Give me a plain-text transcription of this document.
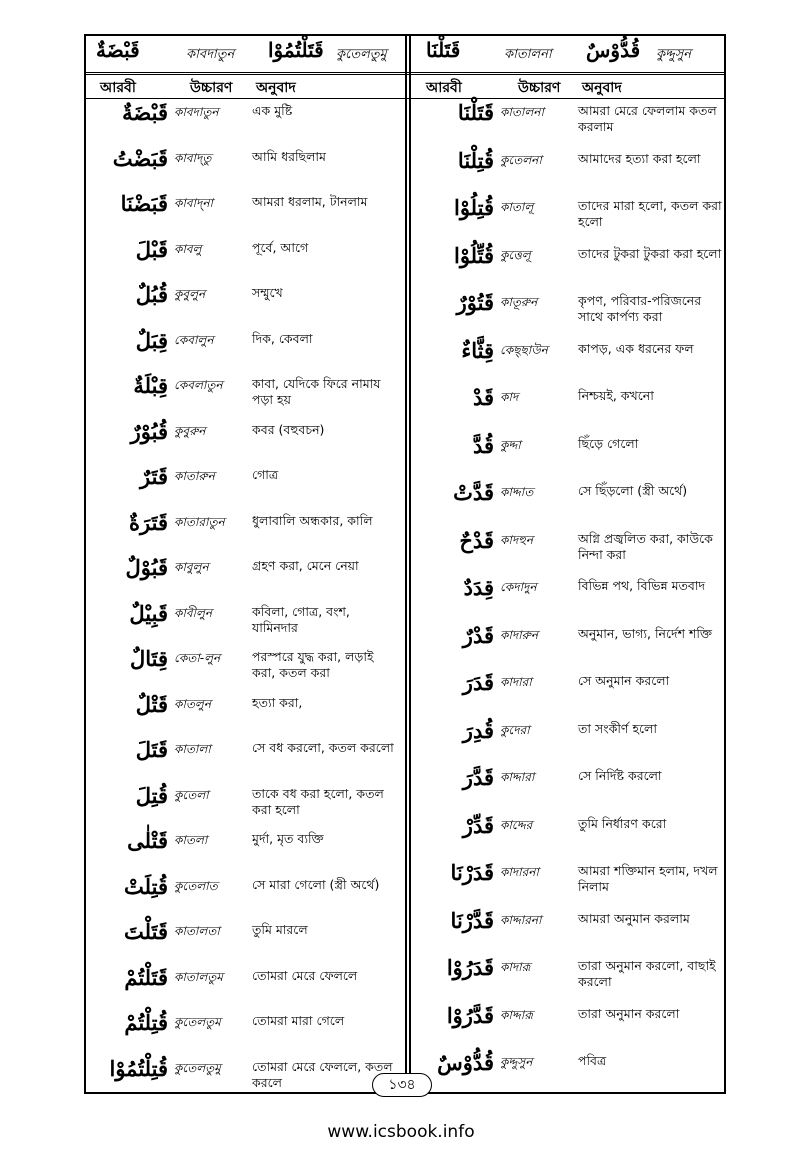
قَبْضَةٌ	কাবদাতুন قَتَلْتُمُوْا কুতেলতুমু قَتَلْنَا	কাতালনা قُدُّوْسٌ কুদ্দুসুন
আরবী	উচ্চারণ অনুবাদ	আরবী	উচ্চারণ অনুবাদ
قَبْضَةٌ কাবদাতুন	এক মুষ্টি
قَبَضْتُ কাবাদ্তু	আমি ধরছিলাম
قَبَضْنَا কাবাদ্‌না	আমরা ধরলাম, টানলাম
قَبْلَ কাবলু	পূর্বে, আগে
قُبُلٌ কুবুলুন	সম্মুখে
قِبَلٌ কেবালুন	দিক, কেবলা
قِبْلَةٌ কেবলাতুন	কাবা, যেদিকে ফিরে নামায পড়া হয়
قُبُوْرٌ কুবুরুন	কবর (বহুবচন)
قَتَرٌ কাতারুন	গোত্র
قَتَرَةٌ কাতারাতুন	ধুলাবালি অন্ধকার, কালি
قَبُوْلٌ কাবুলুন	গ্রহণ করা, মেনে নেয়া
قَبِيْلٌ কাবীলুন	কবিলা, গোত্র, বংশ, যামিনদার
قِتَالٌ কেতা-লুন	পরস্পরে যুদ্ধ করা, লড়াই করা, কতল করা
قَتْلٌ কাতলুন	হত্যা করা,
قَتَلَ কাতালা	সে বধ করলো, কতল করলো
قُتِلَ কুতেলা	তাকে বধ করা হলো, কতল করা হলো
قَتْلٰى কাতলা	মুর্দা, মৃত ব্যক্তি
قُتِلَتْ কুতেলাত	সে মারা গেলো (স্ত্রী অর্থে)
قَتَلْتَ কাতালতা	তুমি মারলে
قَتَلْتُمْ কাতালতুম	তোমরা মেরে ফেললে
قُتِلْتُمْ কুতেলতুম	তোমরা মারা গেলে
قُتِلْتُمُوْا কুতেলতুমু	তোমরা মেরে ফেললে, কতল করলে
قَتَلْنَا কাতালনা	আমরা মেরে ফেললাম কতল করলাম
قُتِلْنَا কুতেলনা	আমাদের হত্যা করা হলো
قُتِلُوْا কাতালূ	তাদের মারা হলো, কতল করা হলো
قُتِّلُوْا কুত্তেলূ	তাদের টুকরা টুকরা করা হলো
قَتُوْرٌ কাতূরুন	কৃপণ, পরিবার-পরিজনের সাথে কার্পণ্য করা
قِثَّاءٌ কেছ্‌ছাউন	কাপড়, এক ধরনের ফল
قَدْ কাদ	নিশ্চয়ই, কখনো
قُدَّ কুদ্দা	ছিঁড়ে গেলো
قَدَّتْ কাদ্দাত	সে ছিঁড়লো (স্ত্রী অর্থে)
قَدْحٌ কাদহুন	অগ্নি প্রজ্বলিত করা, কাউকে নিন্দা করা
قِدَدٌ কেদাদুন	বিভিন্ন পথ, বিভিন্ন মতবাদ
قَدْرٌ কাদারুন	অনুমান, ভাগ্য, নির্দেশ শক্তি
قَدَرَ কাদারা	সে অনুমান করলো
قُدِرَ কুদেরা	তা সংকীর্ণ হলো
قَدَّرَ কাদ্দারা	সে নির্দিষ্ট করলো
قَدِّرْ কাদ্দের	তুমি নির্ধারণ করো
قَدَرْنَا কাদারনা	আমরা শক্তিমান হলাম, দখল নিলাম
قَدَّرْنَا কাদ্দারনা	আমরা অনুমান করলাম
قَدَرُوْا কাদারূ	তারা অনুমান করলো, বাছাই করলো
قَدَّرُوْا কাদ্দারূ	তারা অনুমান করলো
قُدُّوْسٌ কুদ্দুসুন	পবিত্র
১৩৪
www.icsbook.info
